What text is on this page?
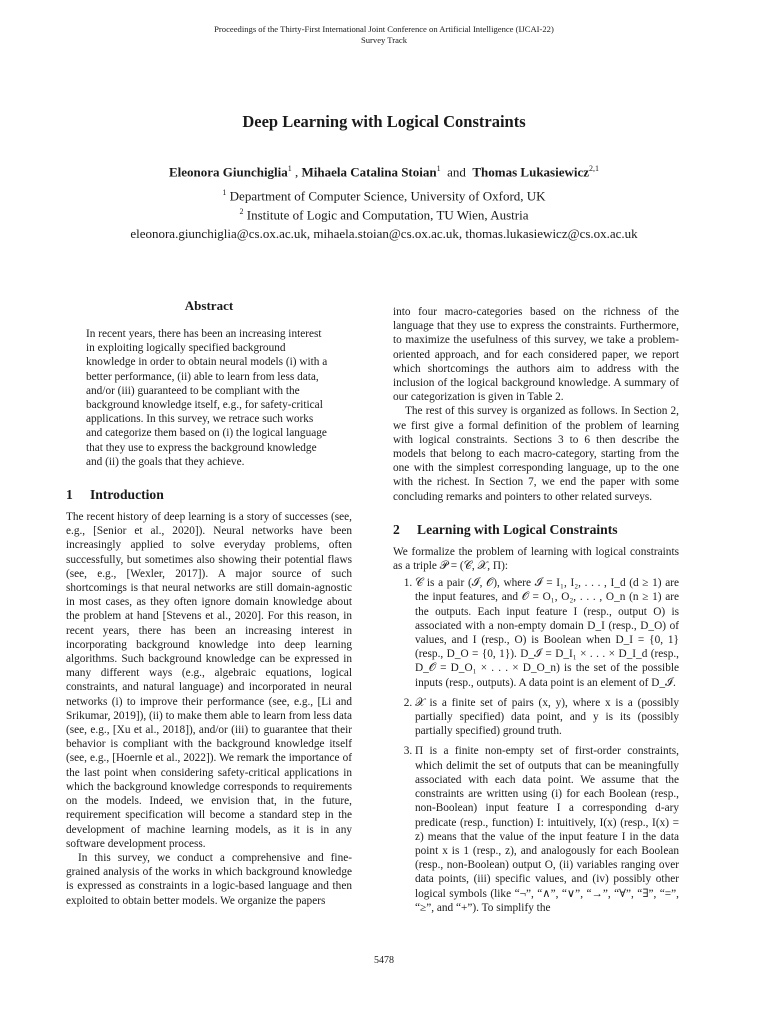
Proceedings of the Thirty-First International Joint Conference on Artificial Intelligence (IJCAI-22)
Survey Track
Deep Learning with Logical Constraints
Eleonora Giunchiglia$^1$ , Mihaela Catalina Stoian$^1$ and Thomas Lukasiewicz$^{2,1}$
$^1$ Department of Computer Science, University of Oxford, UK
$^2$ Institute of Logic and Computation, TU Wien, Austria
eleonora.giunchiglia@cs.ox.ac.uk, mihaela.stoian@cs.ox.ac.uk, thomas.lukasiewicz@cs.ox.ac.uk
Abstract

In recent years, there has been an increasing interest in exploiting logically specified background knowledge in order to obtain neural models (i) with a better performance, (ii) able to learn from less data, and/or (iii) guaranteed to be compliant with the background knowledge itself, e.g., for safety-critical applications. In this survey, we retrace such works and categorize them based on (i) the logical language that they use to express the background knowledge and (ii) the goals that they achieve.

1 Introduction

The recent history of deep learning is a story of successes (see, e.g., [Senior et al., 2020]). Neural networks have been increasingly applied to solve everyday problems, often successfully, but sometimes also showing their potential flaws (see, e.g., [Wexler, 2017]). A major source of such shortcomings is that neural networks are still domain-agnostic in most cases, as they often ignore domain knowledge about the problem at hand [Stevens et al., 2020]. For this reason, in recent years, there has been an increasing interest in incorporating background knowledge into deep learning algorithms. Such background knowledge can be expressed in many different ways (e.g., algebraic equations, logical constraints, and natural language) and incorporated in neural networks (i) to improve their performance (see, e.g., [Li and Srikumar, 2019]), (ii) to make them able to learn from less data (see, e.g., [Xu et al., 2018]), and/or (iii) to guarantee that their behavior is compliant with the background knowledge itself (see, e.g., [Hoernle et al., 2022]). We remark the importance of the last point when considering safety-critical applications in which the background knowledge corresponds to requirements on the models. Indeed, we envision that, in the future, requirement specification will become a standard step in the development of machine learning models, as it is in any software development process.

In this survey, we conduct a comprehensive and fine-grained analysis of the works in which background knowledge is expressed as constraints in a logic-based language and then exploited to obtain better models. We organize the papers

into four macro-categories based on the richness of the language that they use to express the constraints. Furthermore, to maximize the usefulness of this survey, we take a problem-oriented approach, and for each considered paper, we report which shortcomings the authors aim to address with the inclusion of the logical background knowledge. A summary of our categorization is given in Table 2.

The rest of this survey is organized as follows. In Section 2, we first give a formal definition of the problem of learning with logical constraints. Sections 3 to 6 then describe the models that belong to each macro-category, starting from the one with the simplest corresponding language, up to the one with the richest. In Section 7, we end the paper with some concluding remarks and pointers to other related surveys.

2 Learning with Logical Constraints

We formalize the problem of learning with logical constraints as a triple 𝒫 = (𝒞, 𝒳, Π):

1. 𝒞 is a pair (ℐ, 𝒪), where ℐ = I₁, I₂, . . . , I_d (d ≥ 1) are the input features, and 𝒪 = O₁, O₂, . . . , O_n (n ≥ 1) are the outputs. Each input feature I (resp., output O) is associated with a non-empty domain D_I (resp., D_O) of values, and I (resp., O) is Boolean when D_I = {0, 1} (resp., D_O = {0, 1}). D_ℐ = D_I₁ × . . . × D_I_d (resp., D_𝒪 = D_O₁ × . . . × D_O_n) is the set of the possible inputs (resp., outputs). A data point is an element of D_ℐ.
2. 𝒳 is a finite set of pairs (x, y), where x is a (possibly partially specified) data point, and y is its (possibly partially specified) ground truth.
3. Π is a finite non-empty set of first-order constraints, which delimit the set of outputs that can be meaningfully associated with each data point. We assume that the constraints are written using (i) for each Boolean (resp., non-Boolean) input feature I a corresponding d-ary predicate (resp., function) I: intuitively, I(x) (resp., I(x) = z) means that the value of the input feature I in the data point x is 1 (resp., z), and analogously for each Boolean (resp., non-Boolean) output O, (ii) variables ranging over data points, (iii) specific values, and (iv) possibly other logical symbols (like “¬”, “∧”, “∨”, “→”, “∀”, “∃”, “=”, “≥”, and “+”). To simplify the
5478
